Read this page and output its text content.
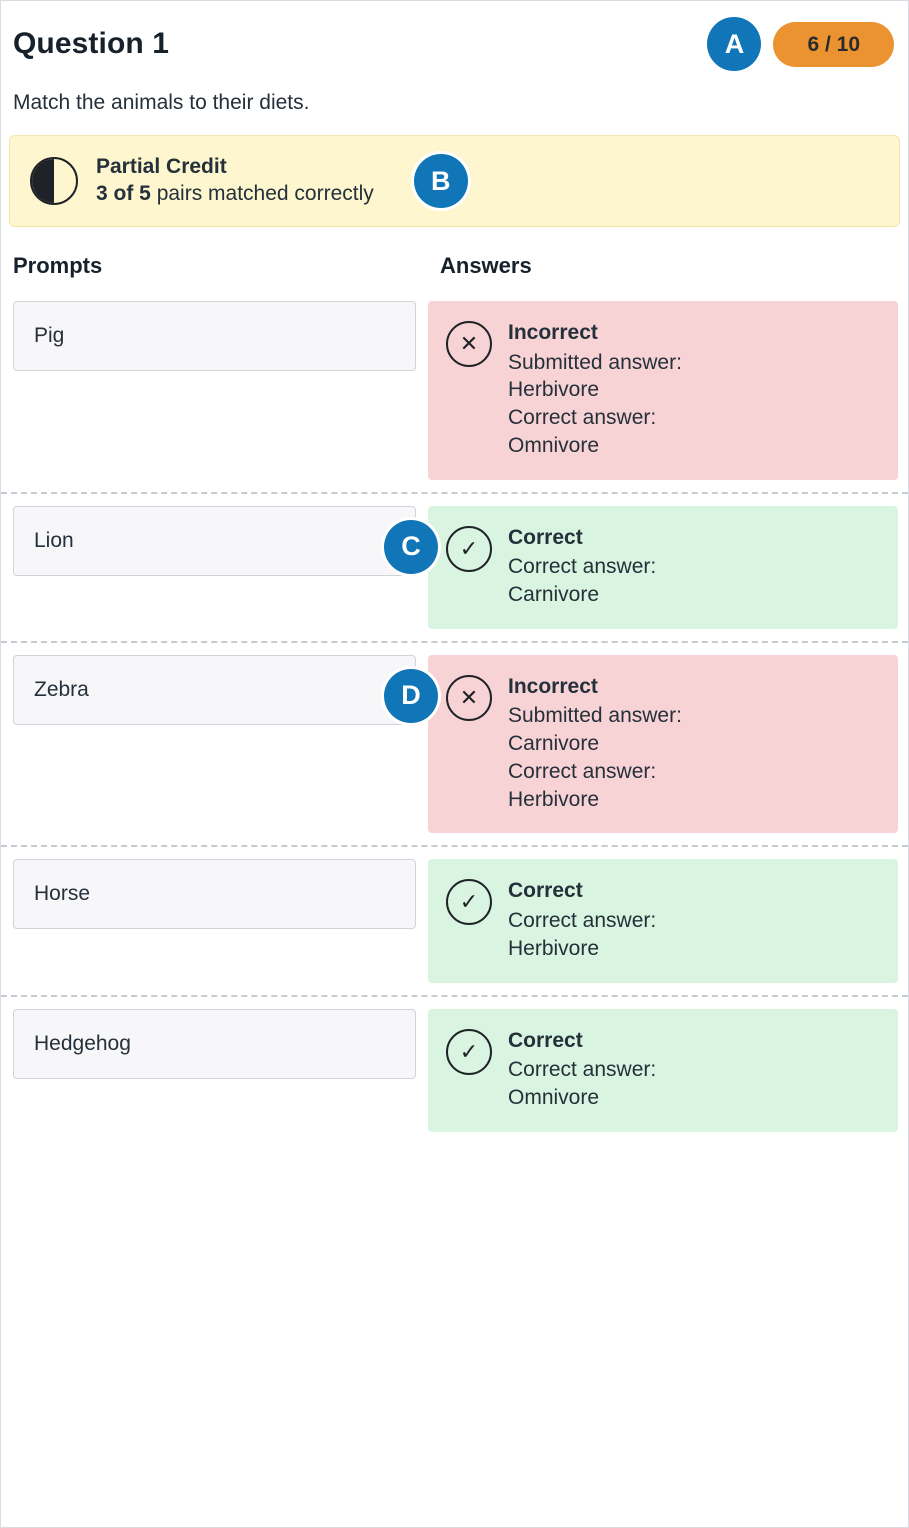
Question 1	A	6 / 10
Match the animals to their diets.
Partial Credit
3 of 5 pairs matched correctly	B
Prompts	Answers
Pig	✕	Incorrect
Submitted answer:
Herbivore
Correct answer:
Omnivore
Lion	C	✓	Correct
Correct answer:
Carnivore
Zebra	D	✕	Incorrect
Submitted answer:
Carnivore
Correct answer:
Herbivore
Horse	✓	Correct
Correct answer:
Herbivore
Hedgehog	✓	Correct
Correct answer:
Omnivore
